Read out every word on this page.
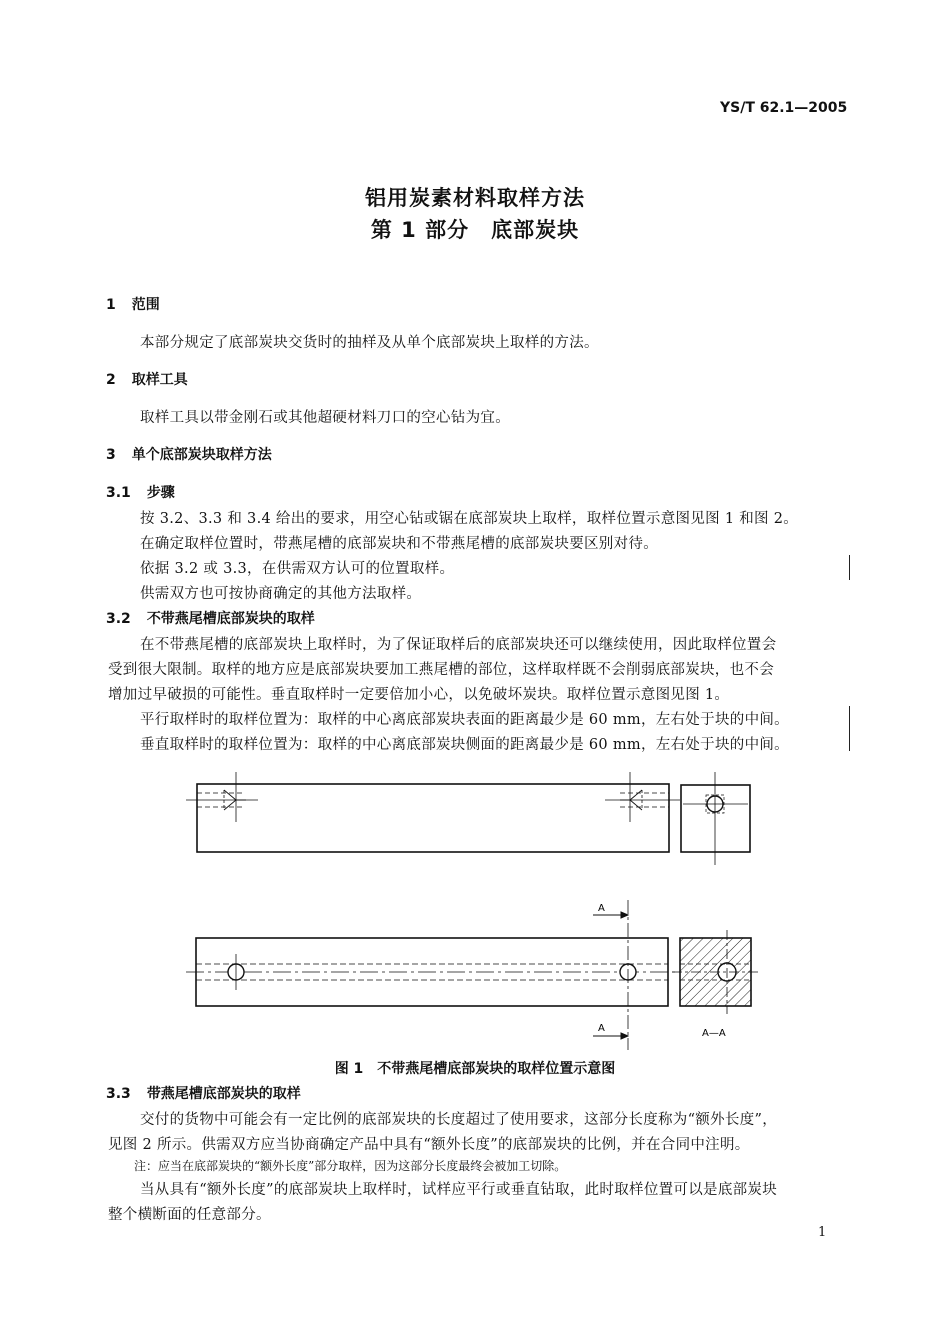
YS/T 62.1—2005
铝用炭素材料取样方法
第 1 部分　底部炭块
1 范围
本部分规定了底部炭块交货时的抽样及从单个底部炭块上取样的方法。
2 取样工具
取样工具以带金刚石或其他超硬材料刀口的空心钻为宜。
3 单个底部炭块取样方法
3.1 步骤
按 3.2、3.3 和 3.4 给出的要求，用空心钻或锯在底部炭块上取样，取样位置示意图见图 1 和图 2。
在确定取样位置时，带燕尾槽的底部炭块和不带燕尾槽的底部炭块要区别对待。
依据 3.2 或 3.3，在供需双方认可的位置取样。
供需双方也可按协商确定的其他方法取样。
3.2 不带燕尾槽底部炭块的取样
在不带燕尾槽的底部炭块上取样时，为了保证取样后的底部炭块还可以继续使用，因此取样位置会
受到很大限制。取样的地方应是底部炭块要加工燕尾槽的部位，这样取样既不会削弱底部炭块，也不会
增加过早破损的可能性。垂直取样时一定要倍加小心，以免破坏炭块。取样位置示意图见图 1。
平行取样时的取样位置为：取样的中心离底部炭块表面的距离最少是 60 mm，左右处于块的中间。
垂直取样时的取样位置为：取样的中心离底部炭块侧面的距离最少是 60 mm，左右处于块的中间。
A
A	A—A
图 1　不带燕尾槽底部炭块的取样位置示意图
3.3 带燕尾槽底部炭块的取样
交付的货物中可能会有一定比例的底部炭块的长度超过了使用要求，这部分长度称为“额外长度”，
见图 2 所示。供需双方应当协商确定产品中具有“额外长度”的底部炭块的比例，并在合同中注明。
注：应当在底部炭块的“额外长度”部分取样，因为这部分长度最终会被加工切除。
当从具有“额外长度”的底部炭块上取样时，试样应平行或垂直钻取，此时取样位置可以是底部炭块
整个横断面的任意部分。
1
